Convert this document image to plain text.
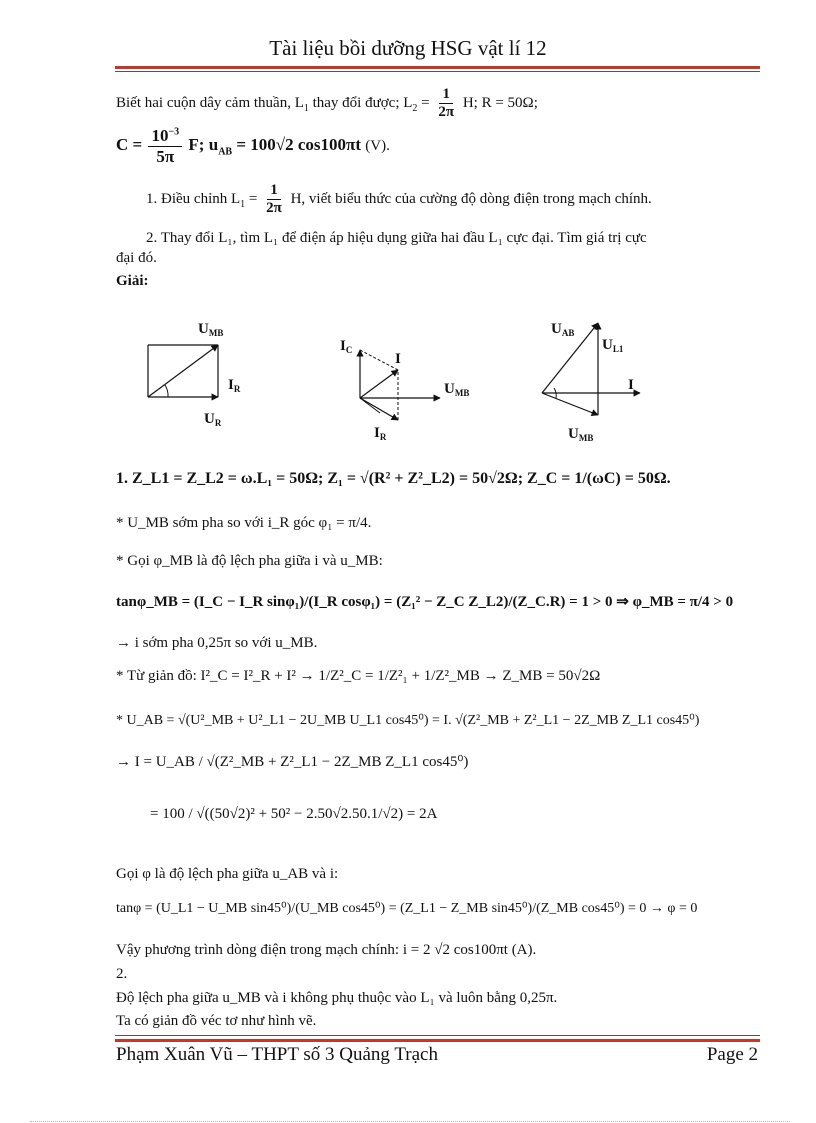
Tài liệu bồi dưỡng HSG vật lí 12
Biết hai cuộn dây cảm thuần, $L_1$ thay đổi được; $L_2 = \frac{1}{2\pi} H$; R = 50Ω;
$C = \frac{10^{-3}}{5\pi} F$; $u_{AB} = 100√2$ cos100πt (V).
1. Điều chỉnh $L_1 = \frac{1}{2\pi} H$, viết biểu thức của cường độ dòng điện trong mạch chính.
2. Thay đổi L₁, tìm L₁ để điện áp hiệu dụng giữa hai đầu L₁ cực đại. Tìm giá trị cực
đại đó.
Giải:
$U_{MB}$
$I_R$
$U_R$
$I_C$
I
$U_{MB}$
$I_R$
$U_{AB}$
$U_{L1}$
I
$U_{MB}$
1. Z_L1 = Z_L2 = ω.L₁ = 50Ω; Z₁ = √(R² + Z²_L2) = 50√2Ω; Z_C = 1/(ωC) = 50Ω.
* U_MB sớm pha so với i_R góc φ₁ = π/4.
* Gọi φ_MB là độ lệch pha giữa i và u_MB:
tanφ_MB = (I_C − I_R sinφ₁)/(I_R cosφ₁) = (Z₁² − Z_C Z_L2)/(Z_C.R) = 1 > 0 ⇒ φ_MB = π/4 > 0
→ i sớm pha 0,25π so với u_MB.
* Từ giản đồ: I²_C = I²_R + I² → 1/Z²_C = 1/Z²₁ + 1/Z²_MB → Z_MB = 50√2Ω
* U_AB = √(U²_MB + U²_L1 − 2U_MB U_L1 cos45⁰) = I. √(Z²_MB + Z²_L1 − 2Z_MB Z_L1 cos45⁰)
→ I = U_AB / √(Z²_MB + Z²_L1 − 2Z_MB Z_L1 cos45⁰)
= 100 / √((50√2)² + 50² − 2.50√2.50.1/√2) = 2A
Gọi φ là độ lệch pha giữa u_AB và i:
tanφ = (U_L1 − U_MB sin45⁰)/(U_MB cos45⁰) = (Z_L1 − Z_MB sin45⁰)/(Z_MB cos45⁰) = 0 → φ = 0
Vậy phương trình dòng điện trong mạch chính: i = 2 √2 cos100πt (A).
2.
Độ lệch pha giữa u_MB và i không phụ thuộc vào L₁ và luôn bằng 0,25π.
Ta có giản đồ véc tơ như hình vẽ.
Phạm Xuân Vũ – THPT số 3 Quảng Trạch	Page 2
